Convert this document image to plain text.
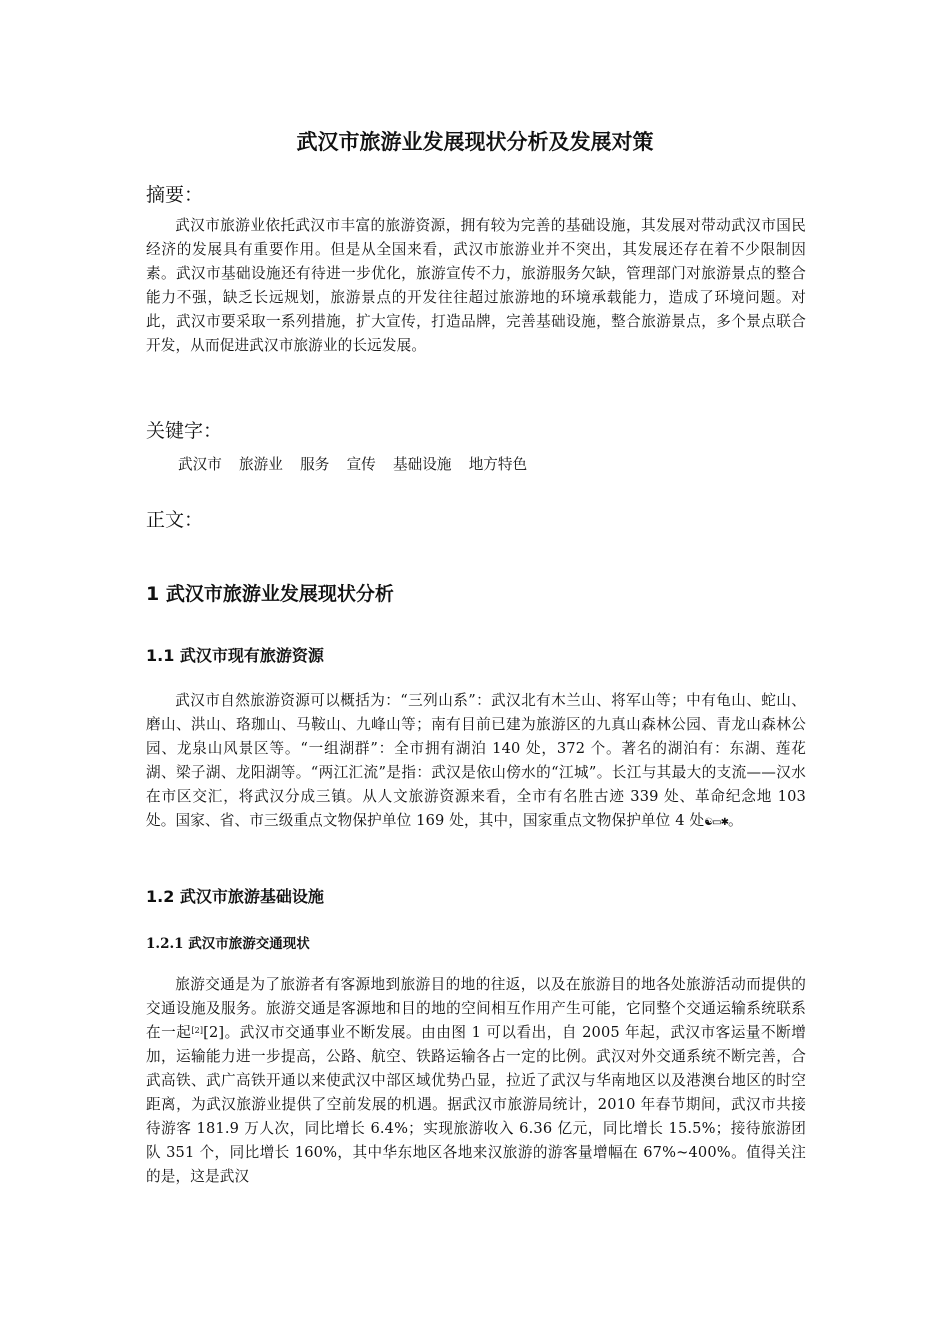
武汉市旅游业发展现状分析及发展对策
摘要：
武汉市旅游业依托武汉市丰富的旅游资源，拥有较为完善的基础设施，其发展对带动武汉市国民经济的发展具有重要作用。但是从全国来看，武汉市旅游业并不突出，其发展还存在着不少限制因素。武汉市基础设施还有待进一步优化，旅游宣传不力，旅游服务欠缺，管理部门对旅游景点的整合能力不强，缺乏长远规划，旅游景点的开发往往超过旅游地的环境承载能力，造成了环境问题。对此，武汉市要采取一系列措施，扩大宣传，打造品牌，完善基础设施，整合旅游景点，多个景点联合开发，从而促进武汉市旅游业的长远发展。
关键字：
武汉市  旅游业  服务  宣传  基础设施  地方特色
正文：
1 武汉市旅游业发展现状分析
1.1 武汉市现有旅游资源
武汉市自然旅游资源可以概括为：“三列山系”：武汉北有木兰山、将军山等；中有龟山、蛇山、磨山、洪山、珞珈山、马鞍山、九峰山等；南有目前已建为旅游区的九真山森林公园、青龙山森林公园、龙泉山风景区等。“一组湖群”：全市拥有湖泊 140 处，372 个。著名的湖泊有：东湖、莲花湖、梁子湖、龙阳湖等。“两江汇流”是指：武汉是依山傍水的“江城”。长江与其最大的支流——汉水在市区交汇，将武汉分成三镇。从人文旅游资源来看，全市有名胜古迹 339 处、革命纪念地 103 处。国家、省、市三级重点文物保护单位 169 处，其中，国家重点文物保护单位 4 处☯▭✱。
1.2 武汉市旅游基础设施
1.2.1 武汉市旅游交通现状
旅游交通是为了旅游者有客源地到旅游目的地的往返，以及在旅游目的地各处旅游活动而提供的交通设施及服务。旅游交通是客源地和目的地的空间相互作用产生可能，它同整个交通运输系统联系在一起[2][2]。武汉市交通事业不断发展。由由图 1 可以看出，自 2005 年起，武汉市客运量不断增加，运输能力进一步提高，公路、航空、铁路运输各占一定的比例。武汉对外交通系统不断完善，合武高铁、武广高铁开通以来使武汉中部区域优势凸显，拉近了武汉与华南地区以及港澳台地区的时空距离，为武汉旅游业提供了空前发展的机遇。据武汉市旅游局统计，2010 年春节期间，武汉市共接待游客 181.9 万人次，同比增长 6.4%；实现旅游收入 6.36 亿元，同比增长 15.5%；接待旅游团队 351 个，同比增长 160%，其中华东地区各地来汉旅游的游客量增幅在 67%~400%。值得关注的是，这是武汉
